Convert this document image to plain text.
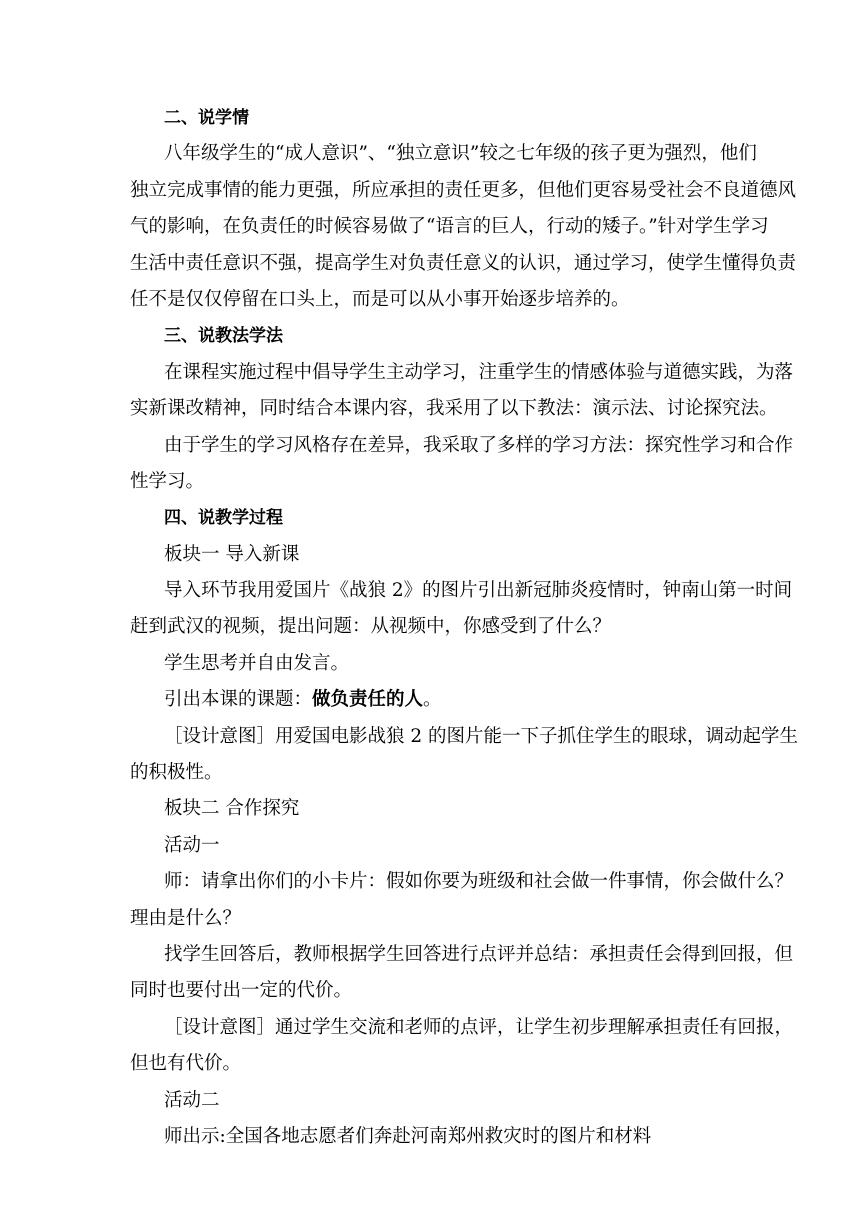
二、说学情
八年级学生的“成人意识”、“独立意识”较之七年级的孩子更为强烈，他们
独立完成事情的能力更强，所应承担的责任更多，但他们更容易受社会不良道德风
气的影响，在负责任的时候容易做了“语言的巨人，行动的矮子。”针对学生学习
生活中责任意识不强，提高学生对负责任意义的认识，通过学习，使学生懂得负责
任不是仅仅停留在口头上，而是可以从小事开始逐步培养的。
三、说教法学法
在课程实施过程中倡导学生主动学习，注重学生的情感体验与道德实践，为落
实新课改精神，同时结合本课内容，我采用了以下教法：演示法、讨论探究法。
由于学生的学习风格存在差异，我采取了多样的学习方法：探究性学习和合作
性学习。
四、说教学过程
板块一 导入新课
导入环节我用爱国片《战狼 2》的图片引出新冠肺炎疫情时，钟南山第一时间
赶到武汉的视频，提出问题：从视频中，你感受到了什么？
学生思考并自由发言。
引出本课的课题：做负责任的人。
［设计意图］用爱国电影战狼 2 的图片能一下子抓住学生的眼球，调动起学生
的积极性。
板块二 合作探究
活动一
师：请拿出你们的小卡片：假如你要为班级和社会做一件事情，你会做什么？
理由是什么？
找学生回答后，教师根据学生回答进行点评并总结：承担责任会得到回报，但
同时也要付出一定的代价。
［设计意图］通过学生交流和老师的点评，让学生初步理解承担责任有回报，
但也有代价。
活动二
师出示:全国各地志愿者们奔赴河南郑州救灾时的图片和材料
